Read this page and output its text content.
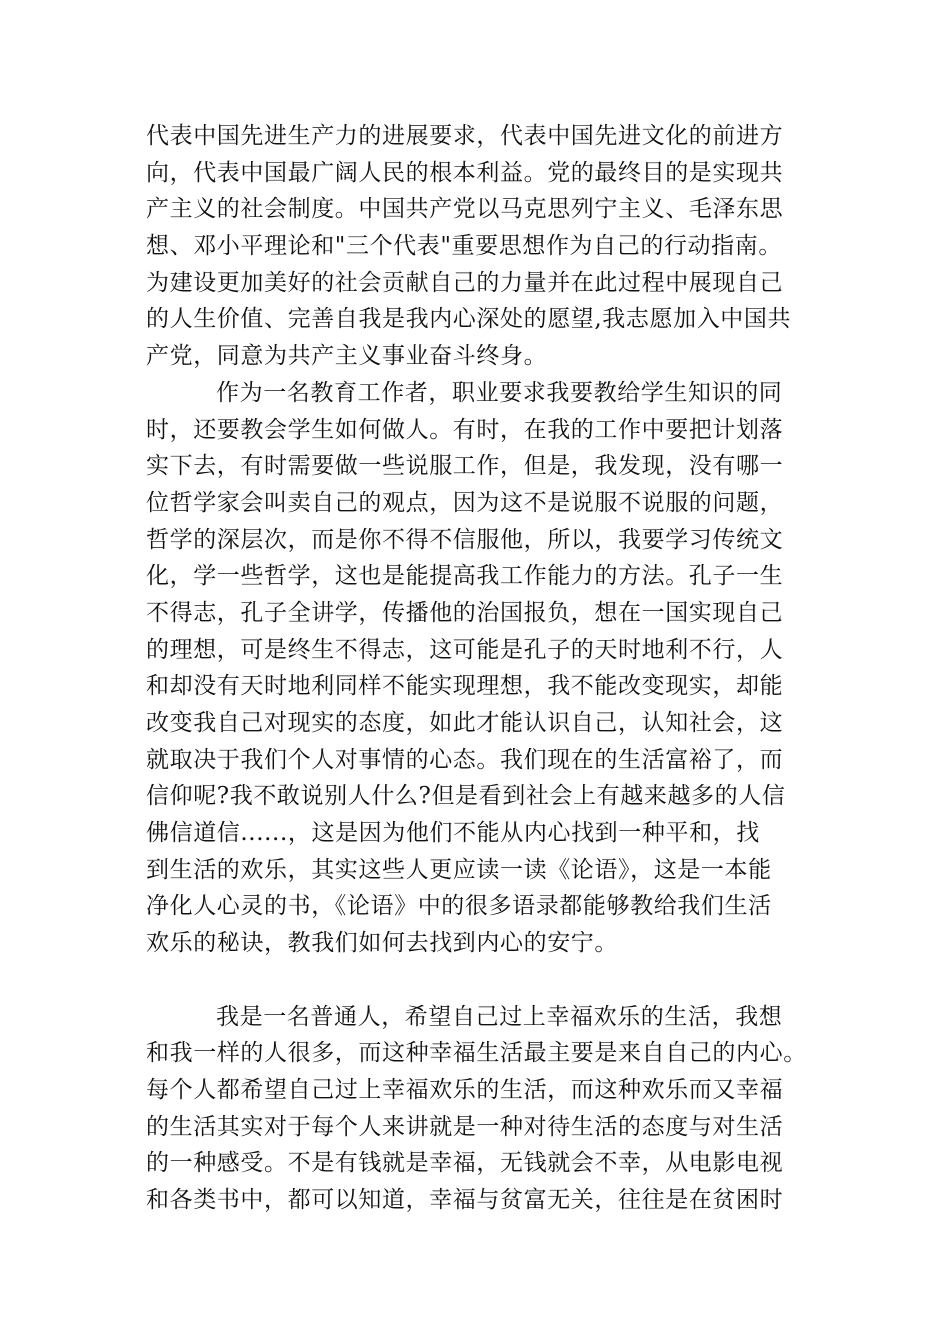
代表中国先进生产力的进展要求，代表中国先进文化的前进方
向，代表中国最广阔人民的根本利益。党的最终目的是实现共
产主义的社会制度。中国共产党以马克思列宁主义、毛泽东思
想、邓小平理论和"三个代表"重要思想作为自己的行动指南。
为建设更加美好的社会贡献自己的力量并在此过程中展现自己
的人生价值、完善自我是我内心深处的愿望,我志愿加入中国共
产党，同意为共产主义事业奋斗终身。
作为一名教育工作者，职业要求我要教给学生知识的同
时，还要教会学生如何做人。有时，在我的工作中要把计划落
实下去，有时需要做一些说服工作，但是，我发现，没有哪一
位哲学家会叫卖自己的观点，因为这不是说服不说服的问题，
哲学的深层次，而是你不得不信服他，所以，我要学习传统文
化，学一些哲学，这也是能提高我工作能力的方法。孔子一生
不得志，孔子全讲学，传播他的治国报负，想在一国实现自己
的理想，可是终生不得志，这可能是孔子的天时地利不行，人
和却没有天时地利同样不能实现理想，我不能改变现实，却能
改变我自己对现实的态度，如此才能认识自己，认知社会，这
就取决于我们个人对事情的心态。我们现在的生活富裕了，而
信仰呢?我不敢说别人什么?但是看到社会上有越来越多的人信
佛信道信......，这是因为他们不能从内心找到一种平和，找
到生活的欢乐，其实这些人更应读一读《论语》，这是一本能
净化人心灵的书，《论语》中的很多语录都能够教给我们生活
欢乐的秘诀，教我们如何去找到内心的安宁。
我是一名普通人，希望自己过上幸福欢乐的生活，我想
和我一样的人很多，而这种幸福生活最主要是来自自己的内心。
每个人都希望自己过上幸福欢乐的生活，而这种欢乐而又幸福
的生活其实对于每个人来讲就是一种对待生活的态度与对生活
的一种感受。不是有钱就是幸福，无钱就会不幸，从电影电视
和各类书中，都可以知道，幸福与贫富无关，往往是在贫困时
